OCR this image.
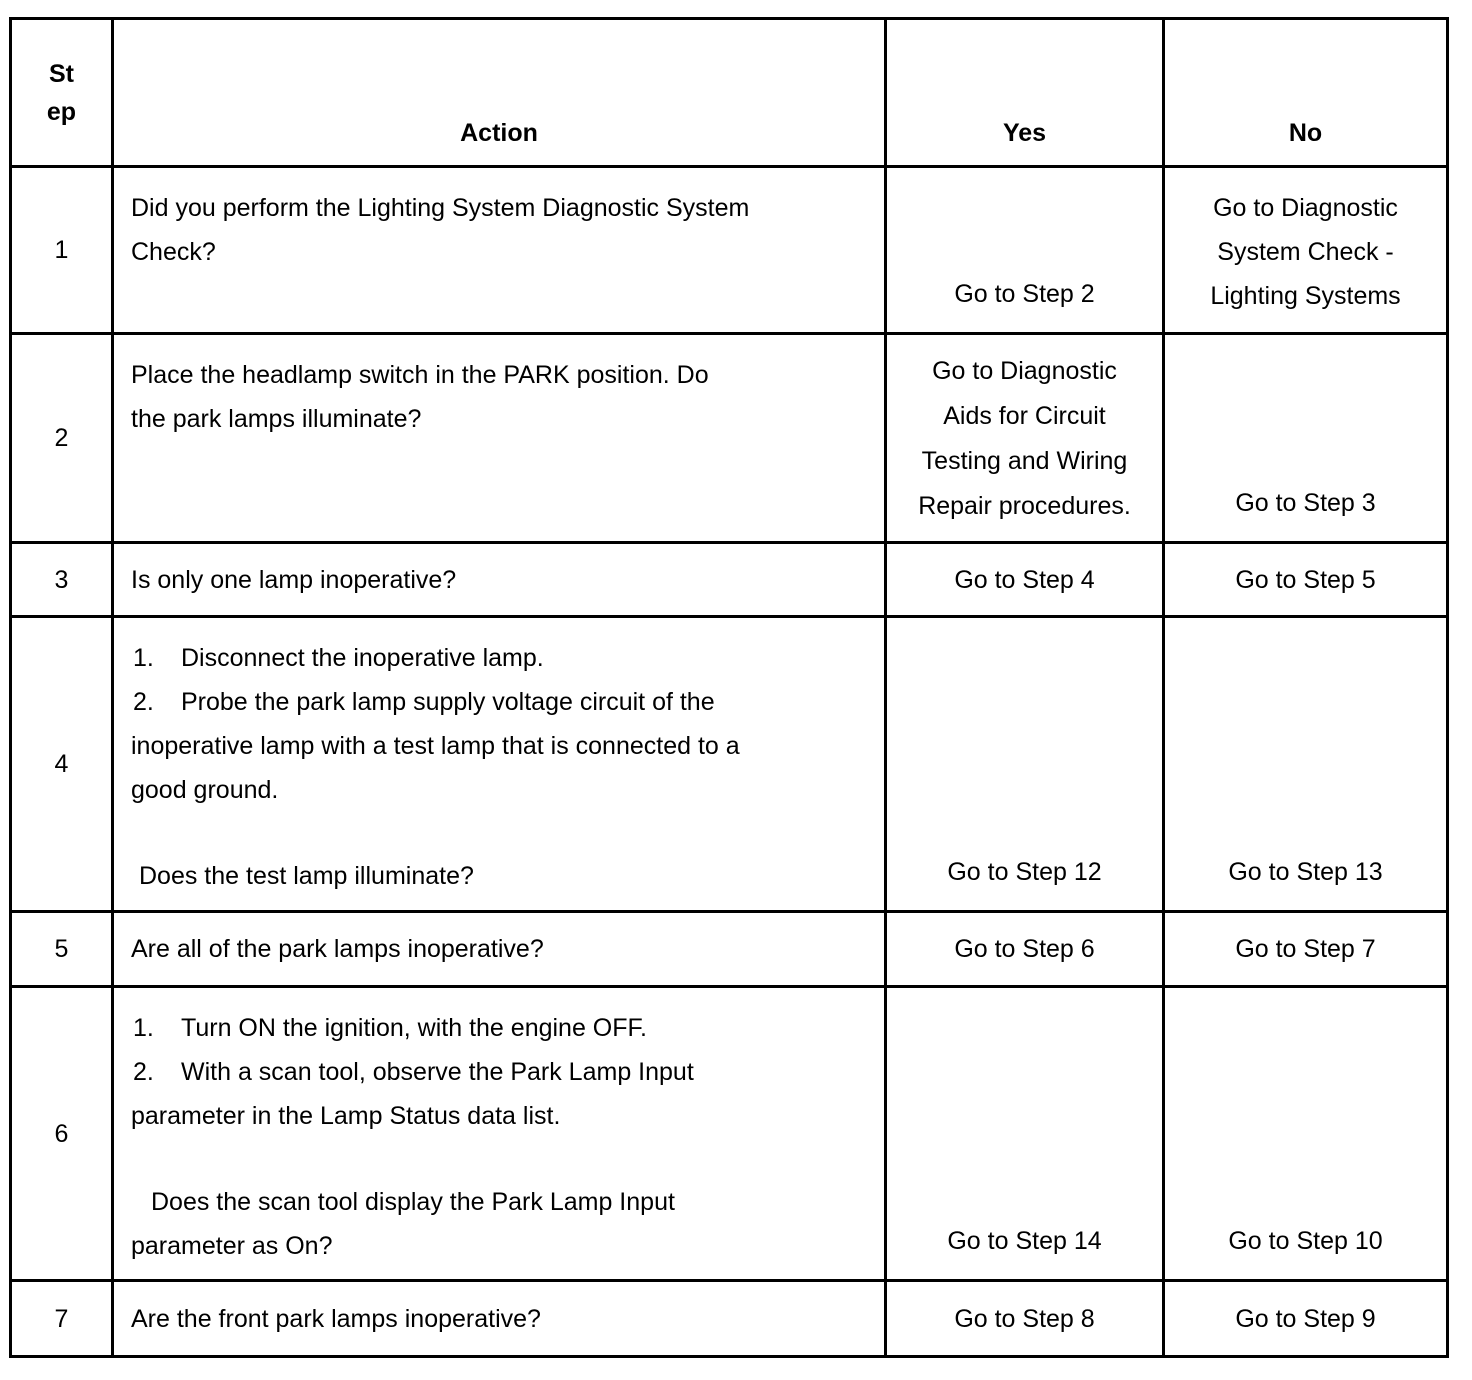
St
ep	Action	Yes	No
1	Did you perform the Lighting System Diagnostic System
Check?	Go to Step 2	Go to Diagnostic
System Check -
Lighting Systems

2	Place the headlamp switch in the PARK position. Do
the park lamps illuminate?	Go to Diagnostic
Aids for Circuit
Testing and Wiring
Repair procedures.	Go to Step 3
3	Is only one lamp inoperative?	Go to Step 4	Go to Step 5
4	1. Disconnect the inoperative lamp.
2. Probe the park lamp supply voltage circuit of the
inoperative lamp with a test lamp that is connected to a
good ground.
Does the test lamp illuminate?	Go to Step 12	Go to Step 13
5	Are all of the park lamps inoperative?	Go to Step 6	Go to Step 7
6	1. Turn ON the ignition, with the engine OFF.
2. With a scan tool, observe the Park Lamp Input
parameter in the Lamp Status data list.
Does the scan tool display the Park Lamp Input
parameter as On?	Go to Step 14	Go to Step 10
7	Are the front park lamps inoperative?	Go to Step 8	Go to Step 9
